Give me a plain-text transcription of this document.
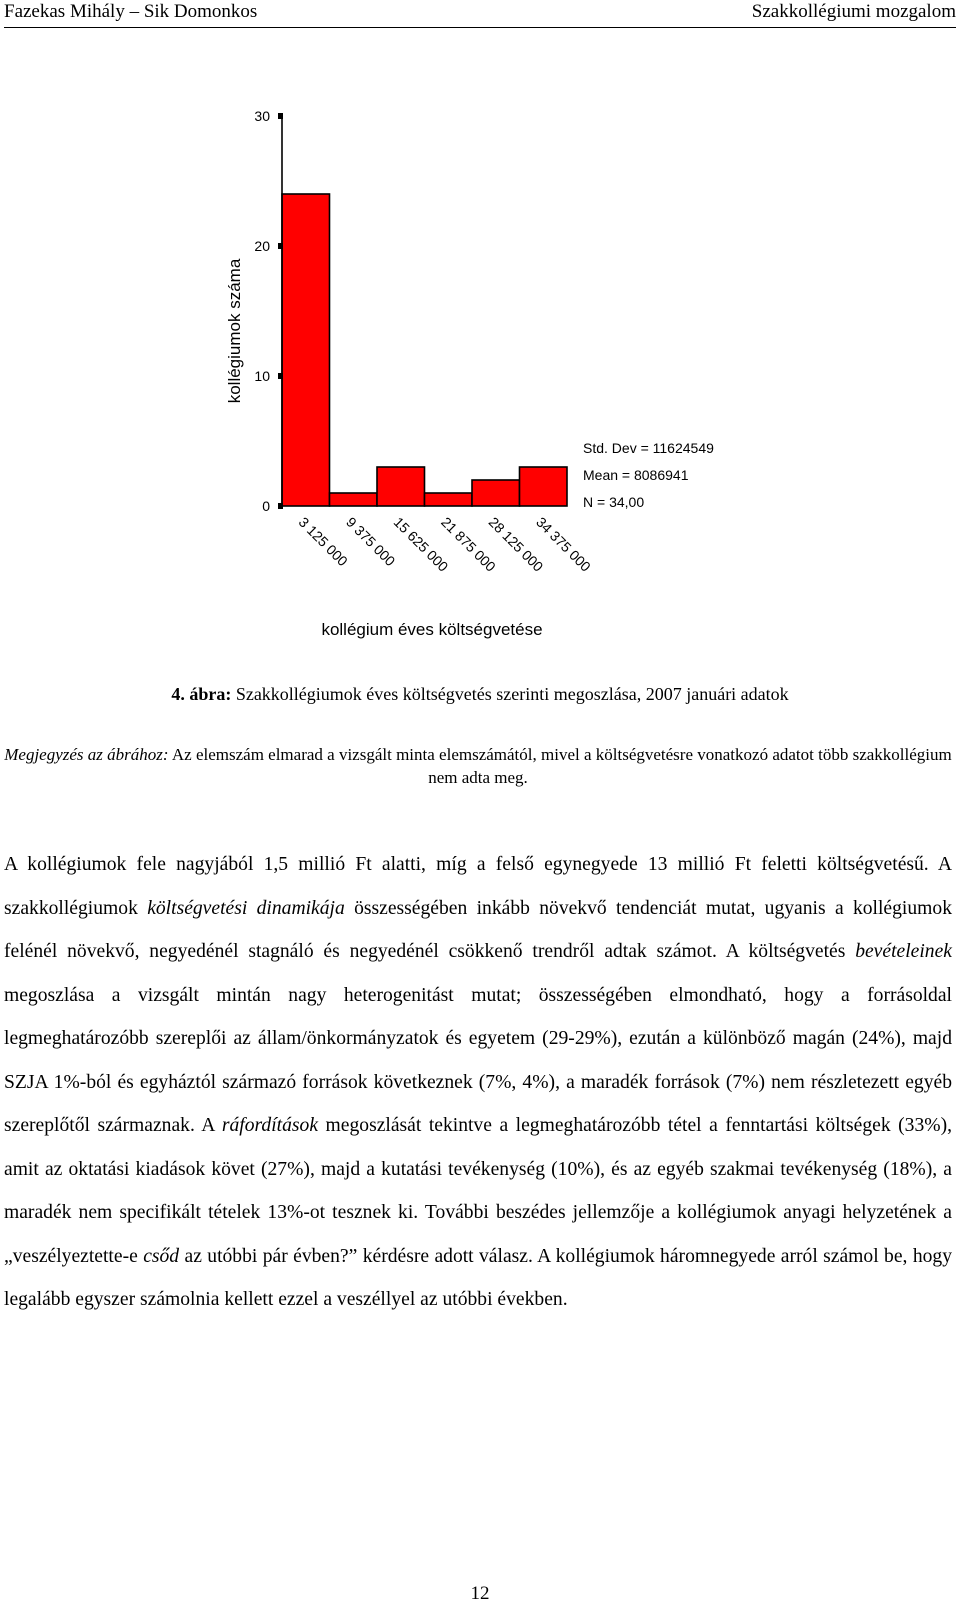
Fazekas Mihály – Sik Domonkos	Szakkollégiumi mozgalom
0
10
20
30
3 125 000
9 375 000
15 625 000
21 875 000
28 125 000
34 375 000
kollégiumok száma
kollégium éves költségvetése
Std. Dev = 11624549
Mean = 8086941
N = 34,00
4. ábra: Szakkollégiumok éves költségvetés szerinti megoszlása, 2007 januári adatok
Megjegyzés az ábrához: Az elemszám elmarad a vizsgált minta elemszámától, mivel a költségvetésre vonatkozó adatot több szakkollégium nem adta meg.

A kollégiumok fele nagyjából 1,5 millió Ft alatti, míg a felső egynegyede 13 millió Ft feletti költségvetésű. A szakkollégiumok költségvetési dinamikája összességében inkább növekvő tendenciát mutat, ugyanis a kollégiumok felénél növekvő, negyedénél stagnáló és negyedénél csökkenő trendről adtak számot. A költségvetés bevételeinek megoszlása a vizsgált mintán nagy heterogenitást mutat; összességében elmondható, hogy a forrásoldal legmeghatározóbb szereplői az állam/önkormányzatok és egyetem (29-29%), ezután a különböző magán (24%), majd SZJA 1%-ból és egyháztól származó források következnek (7%, 4%), a maradék források (7%) nem részletezett egyéb szereplőtől származnak. A ráfordítások megoszlását tekintve a legmeghatározóbb tétel a fenntartási költségek (33%), amit az oktatási kiadások követ (27%), majd a kutatási tevékenység (10%), és az egyéb szakmai tevékenység (18%), a maradék nem specifikált tételek 13%-ot tesznek ki. További beszédes jellemzője a kollégiumok anyagi helyzetének a „veszélyeztette-e csőd az utóbbi pár évben?” kérdésre adott válasz. A kollégiumok háromnegyede arról számol be, hogy legalább egyszer számolnia kellett ezzel a veszéllyel az utóbbi években.

12
